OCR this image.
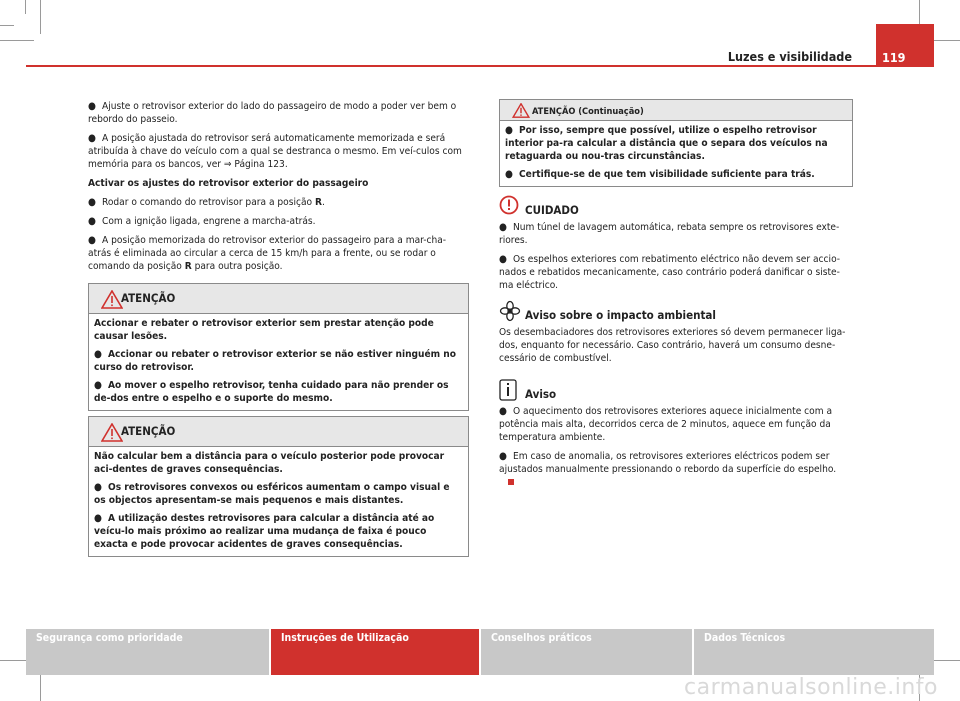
Luzes e visibilidade 119

● Ajuste o retrovisor exterior do lado do passageiro de modo a poder ver bem o rebordo do passeio.

● A posição ajustada do retrovisor será automaticamente memorizada e será atribuída à chave do veículo com a qual se destranca o mesmo. Em veí-culos com memória para os bancos, ver ⇒ Página 123.

Activar os ajustes do retrovisor exterior do passageiro

● Rodar o comando do retrovisor para a posição R.

● Com a ignição ligada, engrene a marcha-atrás.

● A posição memorizada do retrovisor exterior do passageiro para a mar-cha-atrás é eliminada ao circular a cerca de 15 km/h para a frente, ou se rodar o comando da posição R para outra posição.

ATENÇÃO

Accionar e rebater o retrovisor exterior sem prestar atenção pode causar lesões.

● Accionar ou rebater o retrovisor exterior se não estiver ninguém no curso do retrovisor.

● Ao mover o espelho retrovisor, tenha cuidado para não prender os de-dos entre o espelho e o suporte do mesmo.

ATENÇÃO

Não calcular bem a distância para o veículo posterior pode provocar aci-dentes de graves consequências.

● Os retrovisores convexos ou esféricos aumentam o campo visual e os objectos apresentam-se mais pequenos e mais distantes.

● A utilização destes retrovisores para calcular a distância até ao veícu-lo mais próximo ao realizar uma mudança de faixa é pouco exacta e pode provocar acidentes de graves consequências.

ATENÇÃO (Continuação)

● Por isso, sempre que possível, utilize o espelho retrovisor interior pa-ra calcular a distância que o separa dos veículos na retaguarda ou nou-tras circunstâncias.

● Certifique-se de que tem visibilidade suficiente para trás.

CUIDADO

● Num túnel de lavagem automática, rebata sempre os retrovisores exte-riores.

● Os espelhos exteriores com rebatimento eléctrico não devem ser accio-nados e rebatidos mecanicamente, caso contrário poderá danificar o siste-ma eléctrico.

Aviso sobre o impacto ambiental

Os desembaciadores dos retrovisores exteriores só devem permanecer liga-dos, enquanto for necessário. Caso contrário, haverá um consumo desne-cessário de combustível.

Aviso

● O aquecimento dos retrovisores exteriores aquece inicialmente com a potência mais alta, decorridos cerca de 2 minutos, aquece em função da temperatura ambiente.

● Em caso de anomalia, os retrovisores exteriores eléctricos podem ser ajustados manualmente pressionando o rebordo da superfície do espelho.

Segurança como prioridade	Instruções de Utilização	Conselhos práticos	Dados Técnicos
carmanualsonline.info
